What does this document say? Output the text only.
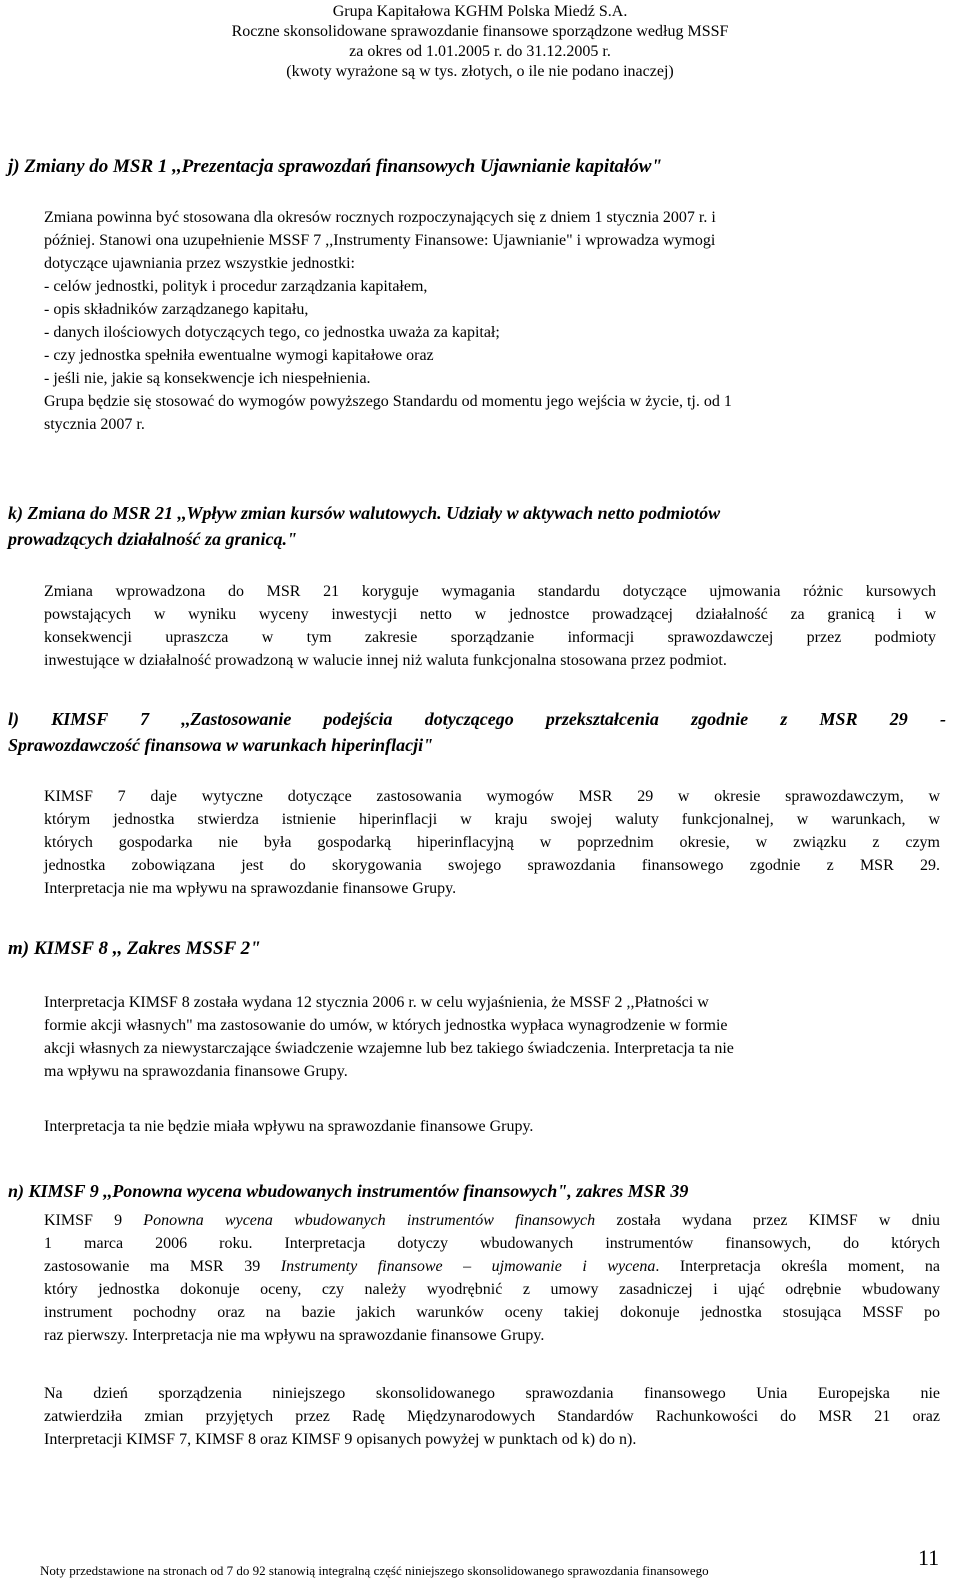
Grupa Kapitałowa KGHM Polska Miedź S.A.
Roczne skonsolidowane sprawozdanie finansowe sporządzone według MSSF
za okres od 1.01.2005 r. do 31.12.2005 r.
(kwoty wyrażone są w tys. złotych, o ile nie podano inaczej)
j) Zmiany do MSR 1 ,,Prezentacja sprawozdań finansowych Ujawnianie kapitałów"
Zmiana powinna być stosowana dla okresów rocznych rozpoczynających się z dniem 1 stycznia 2007 r. i
później. Stanowi ona uzupełnienie MSSF 7 ,,Instrumenty Finansowe: Ujawnianie" i wprowadza wymogi
dotyczące ujawniania przez wszystkie jednostki:
- celów jednostki, polityk i procedur zarządzania kapitałem,
- opis składników zarządzanego kapitału,
- danych ilościowych dotyczących tego, co jednostka uważa za kapitał;
- czy jednostka spełniła ewentualne wymogi kapitałowe oraz
- jeśli nie, jakie są konsekwencje ich niespełnienia.
Grupa będzie się stosować do wymogów powyższego Standardu od momentu jego wejścia w życie, tj. od 1
stycznia 2007 r.
k) Zmiana do MSR 21 ,,Wpływ zmian kursów walutowych. Udziały w aktywach netto podmiotów
prowadzących działalność za granicą."
Zmiana wprowadzona do MSR 21 koryguje wymagania standardu dotyczące ujmowania różnic kursowych
powstających w wyniku wyceny inwestycji netto w jednostce prowadzącej działalność za granicą i w
konsekwencji upraszcza w tym zakresie sporządzanie informacji sprawozdawczej przez podmioty
inwestujące w działalność prowadzoną w walucie innej niż waluta funkcjonalna stosowana przez podmiot.
l) KIMSF 7 ,,Zastosowanie podejścia dotyczącego przekształcenia zgodnie z MSR 29 -
Sprawozdawczość finansowa w warunkach hiperinflacji"
KIMSF 7 daje wytyczne dotyczące zastosowania wymogów MSR 29 w okresie sprawozdawczym, w
którym jednostka stwierdza istnienie hiperinflacji w kraju swojej waluty funkcjonalnej, w warunkach, w
których gospodarka nie była gospodarką hiperinflacyjną w poprzednim okresie, w związku z czym
jednostka zobowiązana jest do skorygowania swojego sprawozdania finansowego zgodnie z MSR 29.
Interpretacja nie ma wpływu na sprawozdanie finansowe Grupy.
m) KIMSF 8 ,, Zakres MSSF 2"
Interpretacja KIMSF 8 została wydana 12 stycznia 2006 r. w celu wyjaśnienia, że MSSF 2 ,,Płatności w
formie akcji własnych" ma zastosowanie do umów, w których jednostka wypłaca wynagrodzenie w formie
akcji własnych za niewystarczające świadczenie wzajemne lub bez takiego świadczenia. Interpretacja ta nie
ma wpływu na sprawozdania finansowe Grupy.
Interpretacja ta nie będzie miała wpływu na sprawozdanie finansowe Grupy.
n) KIMSF 9 ,,Ponowna wycena wbudowanych instrumentów finansowych", zakres MSR 39
KIMSF 9 Ponowna wycena wbudowanych instrumentów finansowych została wydana przez KIMSF w dniu
1 marca 2006 roku. Interpretacja dotyczy wbudowanych instrumentów finansowych, do których
zastosowanie ma MSR 39 Instrumenty finansowe – ujmowanie i wycena. Interpretacja określa moment, na
który jednostka dokonuje oceny, czy należy wyodrębnić z umowy zasadniczej i ująć odrębnie wbudowany
instrument pochodny oraz na bazie jakich warunków oceny takiej dokonuje jednostka stosująca MSSF po
raz pierwszy. Interpretacja nie ma wpływu na sprawozdanie finansowe Grupy.
Na dzień sporządzenia niniejszego skonsolidowanego sprawozdania finansowego Unia Europejska nie
zatwierdziła zmian przyjętych przez Radę Międzynarodowych Standardów Rachunkowości do MSR 21 oraz
Interpretacji KIMSF 7, KIMSF 8 oraz KIMSF 9 opisanych powyżej w punktach od k) do n).
Noty przedstawione na stronach od 7 do 92 stanowią integralną część niniejszego skonsolidowanego sprawozdania finansowego
11
